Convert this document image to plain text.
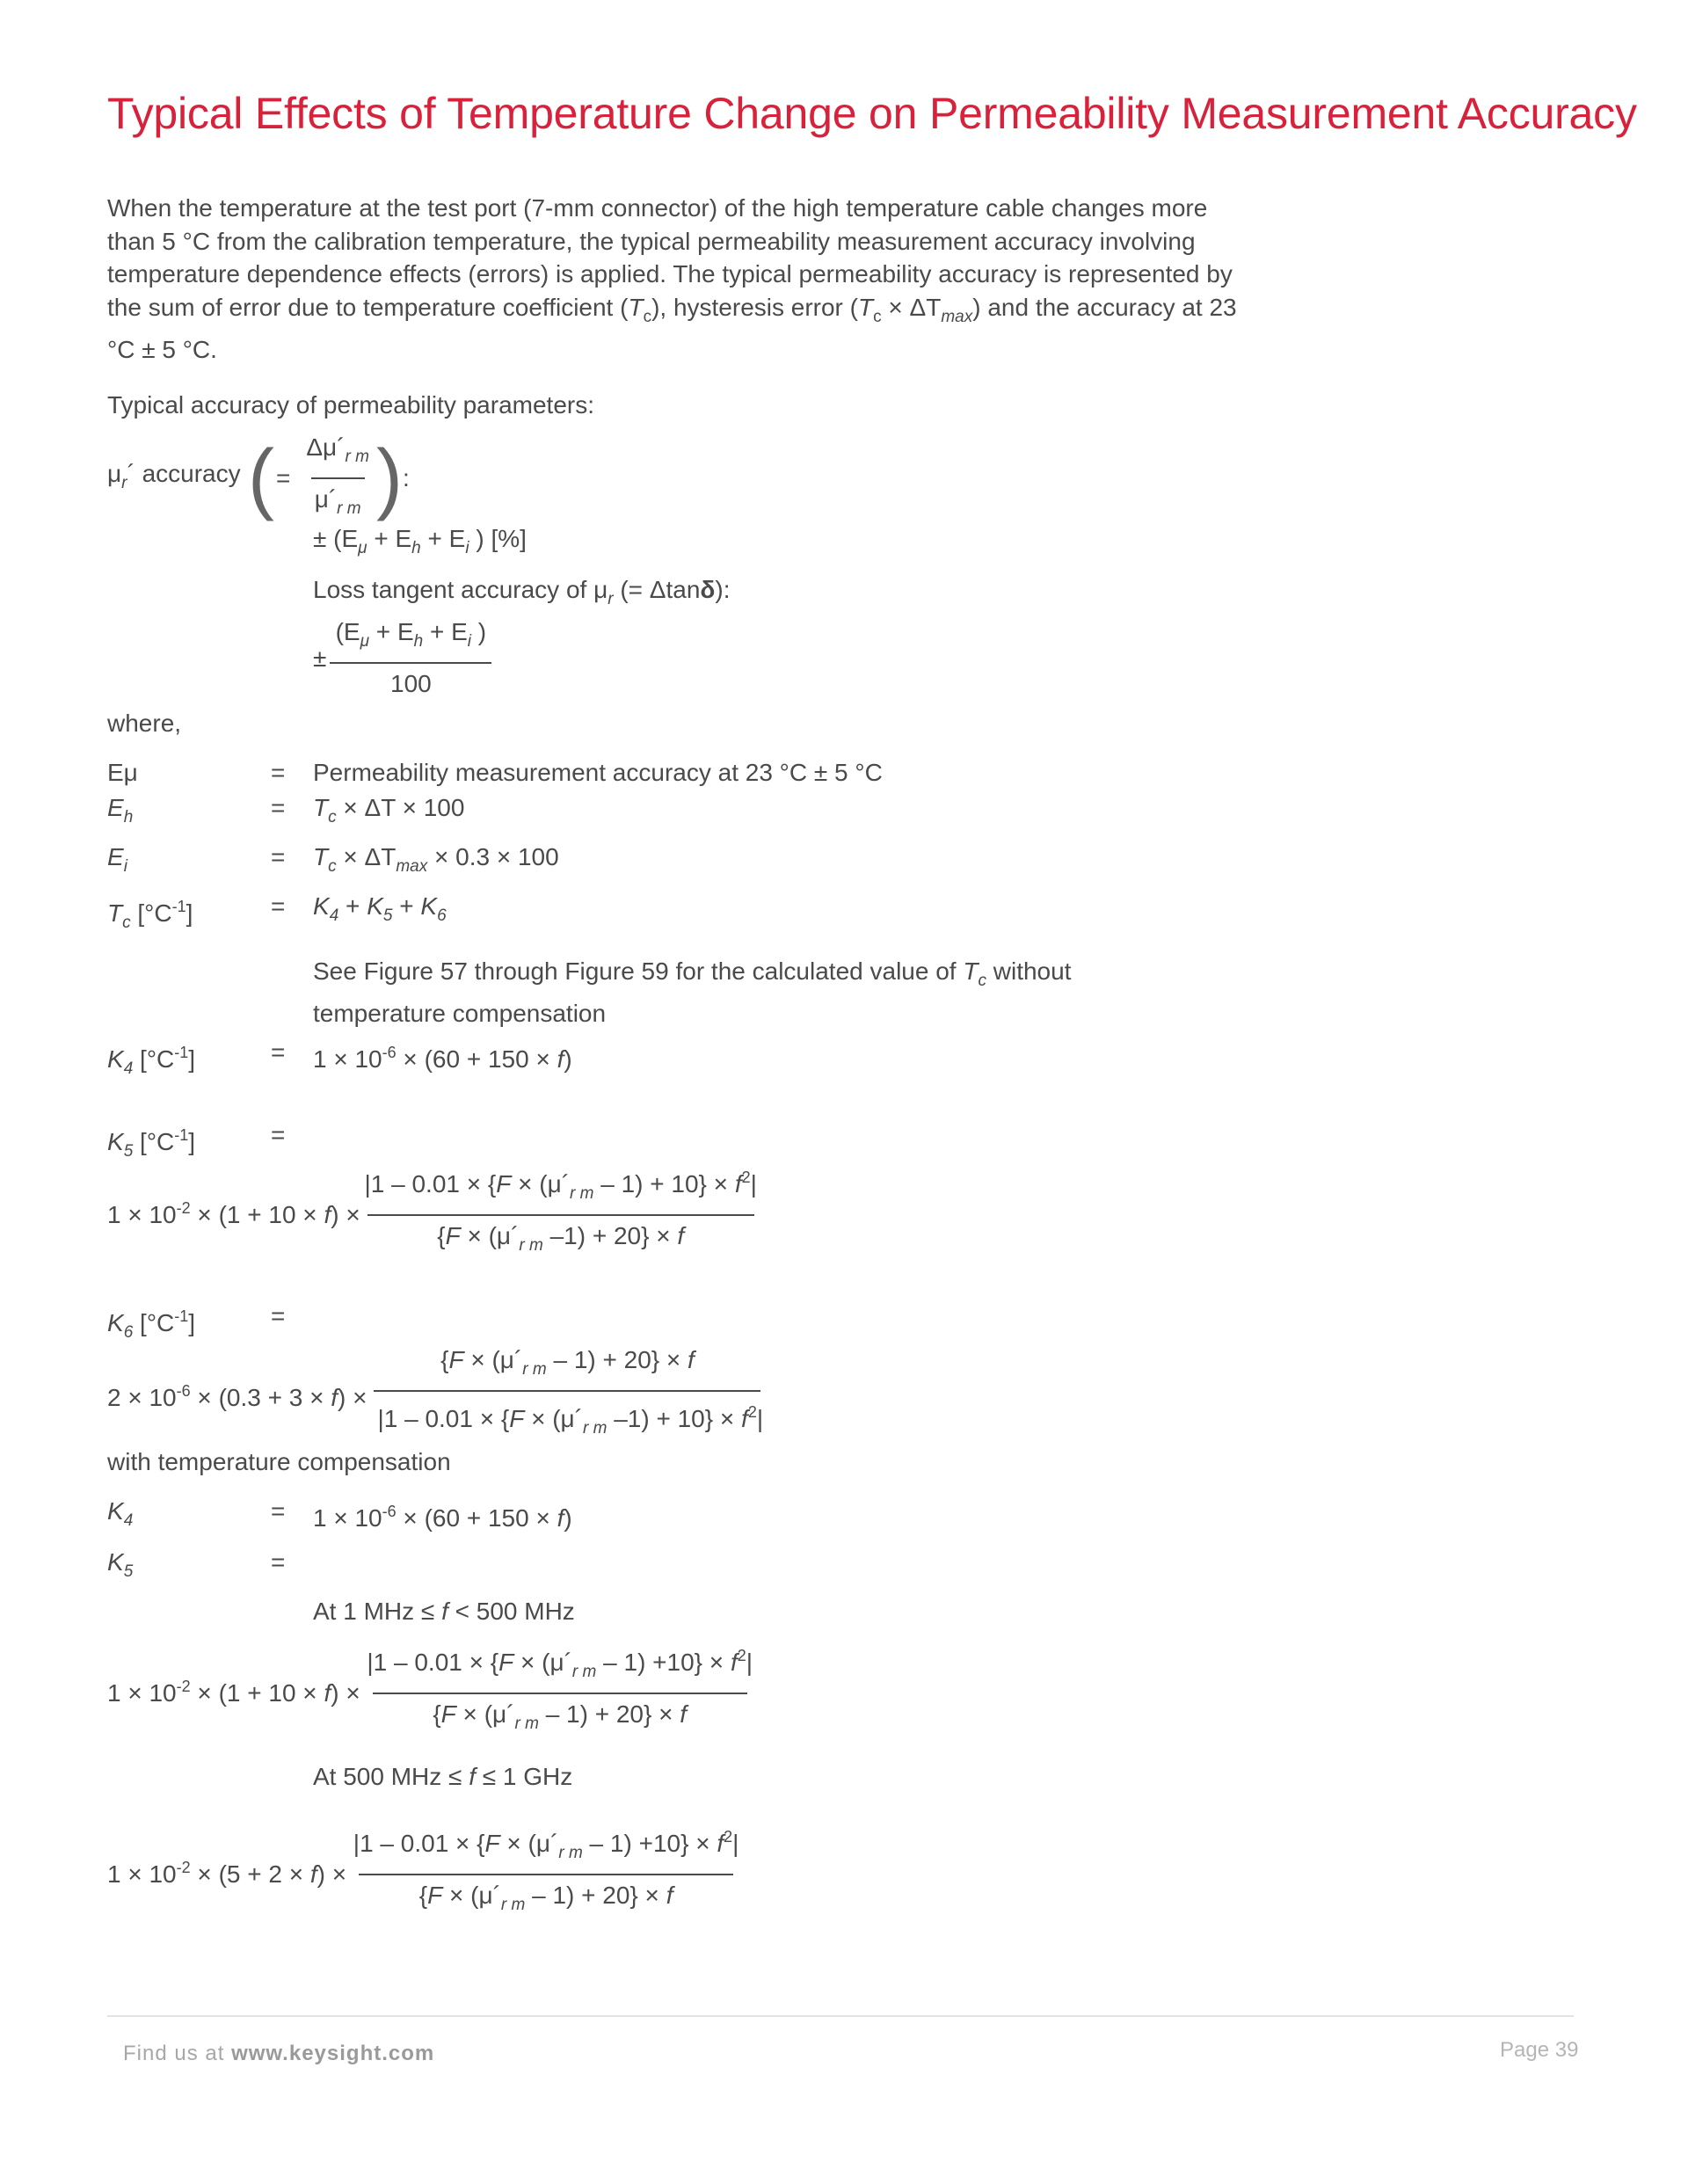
Typical Effects of Temperature Change on Permeability Measurement Accuracy
When the temperature at the test port (7-mm connector) of the high temperature cable changes more than 5 °C from the calibration temperature, the typical permeability measurement accuracy involving temperature dependence effects (errors) is applied. The typical permeability accuracy is represented by the sum of error due to temperature coefficient $(T_c)$, hysteresis error $(T_c \times \Delta T_{max})$ and the accuracy at 23 °C ± 5 °C.
Typical accuracy of permeability parameters:
$\mu_r´$ accuracy ( = $\frac{\Delta\mu´_{r m}}{\mu´_{r m}}$ ) :
± ($E_\mu + E_h + E_i$ ) [%]
Loss tangent accuracy of $\mu_r$ (= Δtanδ):
± $\frac{(E_\mu + E_h + E_i )}{100}$
where,
Eμ	= Permeability measurement accuracy at 23 °C ± 5 °C
$E_h$	= $T_c \times \Delta T \times 100$
$E_i$	= $T_c \times \Delta T_{max} \times 0.3 \times 100$
$T_c$ $[^\circ C^{-1}]$	= $K_4 + K_5 + K_6$
See Figure 57 through Figure 59 for the calculated value of $T_c$ without
temperature compensation
$K_4$ $[^\circ C^{-1}]$	= $1 \times 10^{-6} \times (60 + 150 \times f)$
$K_5$ $[^\circ C^{-1}]$	=
$1 \times 10^{-2} \times (1 + 10 \times f) \times \frac{|1 - 0.01 \times \{F \times (\mu´_{r m} - 1) + 10\} \times f^2|}{\{F \times (\mu´_{r m} -1) + 20\} \times f}$
$K_6$ $[^\circ C^{-1}]$	=
$2 \times 10^{-6} \times (0.3 + 3 \times f) \times \frac{\{F \times (\mu´_{r m} - 1) + 20\} \times f}{|1 - 0.01 \times \{F \times (\mu´_{r m} -1) + 10\} \times f^2|}$
with temperature compensation
$K_4$	= $1 \times 10^{-6} \times (60 + 150 \times f)$
$K_5$	=
At 1 MHz ≤ f < 500 MHz
$1 \times 10^{-2} \times (1 + 10 \times f) \times \frac{|1 - 0.01 \times \{F \times (\mu´_{r m} - 1) +10\} \times f^2|}{\{F \times (\mu´_{r m} - 1) + 20\} \times f}$
At 500 MHz ≤ f ≤ 1 GHz
$1 \times 10^{-2} \times (5 + 2 \times f) \times \frac{|1 - 0.01 \times \{F \times (\mu´_{r m} - 1) +10\} \times f^2|}{\{F \times (\mu´_{r m} - 1) + 20\} \times f}$
Find us at www.keysight.com	Page 39
